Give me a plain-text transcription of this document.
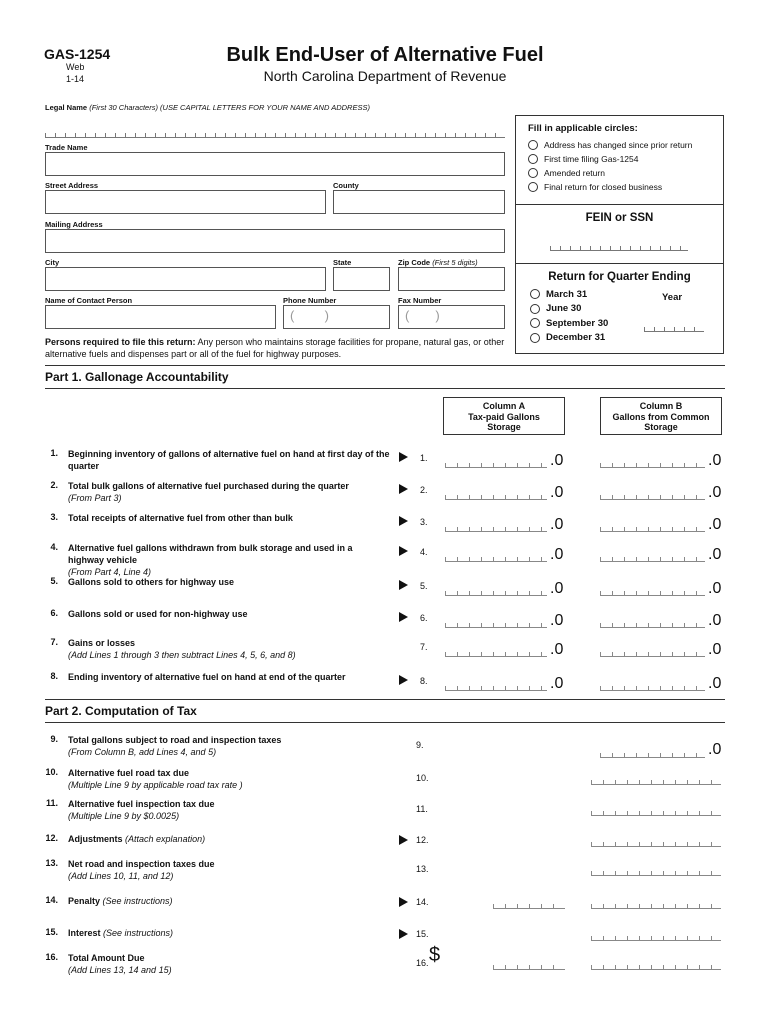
GAS-1254
Web
1-14
Bulk End-User of Alternative Fuel
North Carolina Department of Revenue
Legal Name (First 30 Characters) (USE CAPITAL LETTERS FOR YOUR NAME AND ADDRESS)
Trade Name
Street Address	County
Mailing Address
City	State	Zip Code (First 5 digits)
Name of Contact Person	Phone Number
( )
Fax Number
( )
Persons required to file this return: Any person who maintains storage facilities for propane, natural gas, or other alternative fuels and dispenses part or all of the fuel for highway purposes.
Fill in applicable circles:
Address has changed since prior return
First time filing Gas-1254
Amended return
Final return for closed business
FEIN or SSN
Return for Quarter Ending
March 31
June 30
September 30
December 31
Year
Part 1. Gallonage Accountability
Column A
Tax-paid Gallons
Storage
Column B
Gallons from Common
Storage
1. Beginning inventory of gallons of alternative fuel on hand at first day of the quarter
1.	.0	.0
2. Total bulk gallons of alternative fuel purchased during the quarter
(From Part 3)
2.	.0	.0
3. Total receipts of alternative fuel from other than bulk	3.	.0	.0
4. Alternative fuel gallons withdrawn from bulk storage and used in a highway vehicle
(From Part 4, Line 4)
4.	.0	.0
5. Gallons sold to others for highway use	5.	.0	.0
6. Gallons sold or used for non-highway use	6.	.0	.0
7. Gains or losses
(Add Lines 1 through 3 then subtract Lines 4, 5, 6, and 8)
7.	.0	.0
8. Ending inventory of alternative fuel on hand at end of the quarter	8.	.0	.0
Part 2. Computation of Tax
9. Total gallons subject to road and inspection taxes
(From Column B, add Lines 4, and 5)
9.	.0
10. Alternative fuel road tax due
(Multiple Line 9 by applicable road tax rate )
10.
11. Alternative fuel inspection tax due
(Multiple Line 9 by $0.0025)
11.
12. Adjustments (Attach explanation)	12.
13. Net road and inspection taxes due
(Add Lines 10, 11, and 12)
13.
14. Penalty (See instructions)	14.
15. Interest (See instructions)	15.
16. Total Amount Due
(Add Lines 13, 14 and 15)
16. $
